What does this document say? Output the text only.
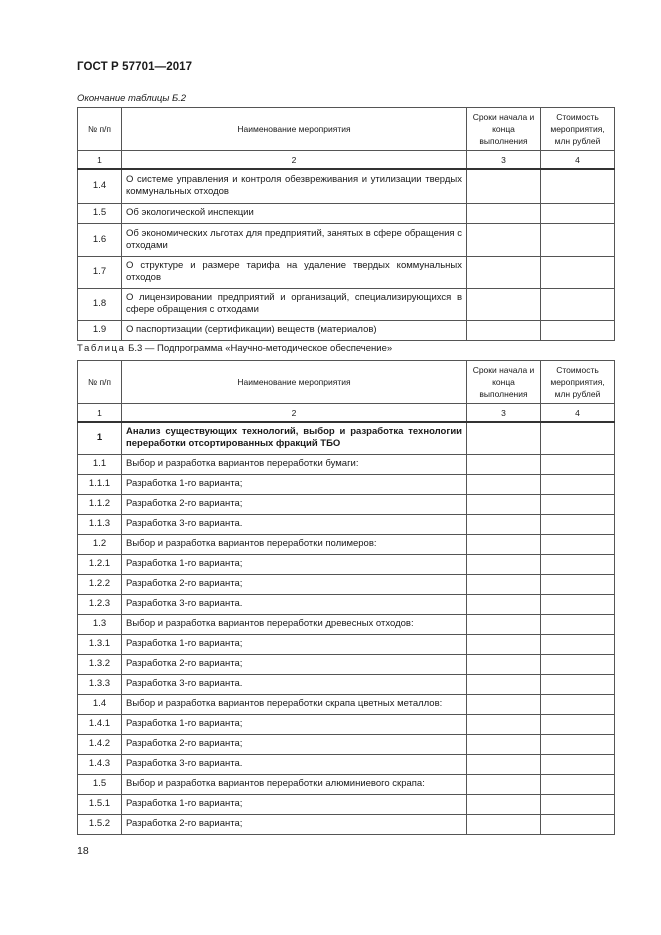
ГОСТ Р 57701—2017
Окончание таблицы Б.2
№ п/п	Наименование мероприятия	Сроки начала и конца выполнения	Стоимость мероприятия, млн рублей
1	2	3	4
1.4	О системе управления и контроля обезвреживания и утилизации твердых коммунальных отходов		
1.5	Об экологической инспекции		
1.6	Об экономических льготах для предприятий, занятых в сфере обращения с отходами		
1.7	О структуре и размере тарифа на удаление твердых коммунальных отходов		
1.8	О лицензировании предприятий и организаций, специализирующихся в сфере обращения с отходами		
1.9	О паспортизации (сертификации) веществ (материалов)		
Таблица Б.3 — Подпрограмма «Научно-методическое обеспечение»
№ п/п	Наименование мероприятия	Сроки начала и конца выполнения	Стоимость мероприятия, млн рублей
1	2	3	4
1	Анализ существующих технологий, выбор и разработка технологии переработки отсортированных фракций ТБО		
1.1	Выбор и разработка вариантов переработки бумаги:		
1.1.1	Разработка 1-го варианта;		
1.1.2	Разработка 2-го варианта;		
1.1.3	Разработка 3-го варианта.		
1.2	Выбор и разработка вариантов переработки полимеров:		
1.2.1	Разработка 1-го варианта;		
1.2.2	Разработка 2-го варианта;		
1.2.3	Разработка 3-го варианта.		
1.3	Выбор и разработка вариантов переработки древесных отходов:		
1.3.1	Разработка 1-го варианта;		
1.3.2	Разработка 2-го варианта;		
1.3.3	Разработка 3-го варианта.		
1.4	Выбор и разработка вариантов переработки скрапа цветных металлов:		
1.4.1	Разработка 1-го варианта;		
1.4.2	Разработка 2-го варианта;		
1.4.3	Разработка 3-го варианта.		
1.5	Выбор и разработка вариантов переработки алюминиевого скрапа:		
1.5.1	Разработка 1-го варианта;		
1.5.2	Разработка 2-го варианта;		
18
